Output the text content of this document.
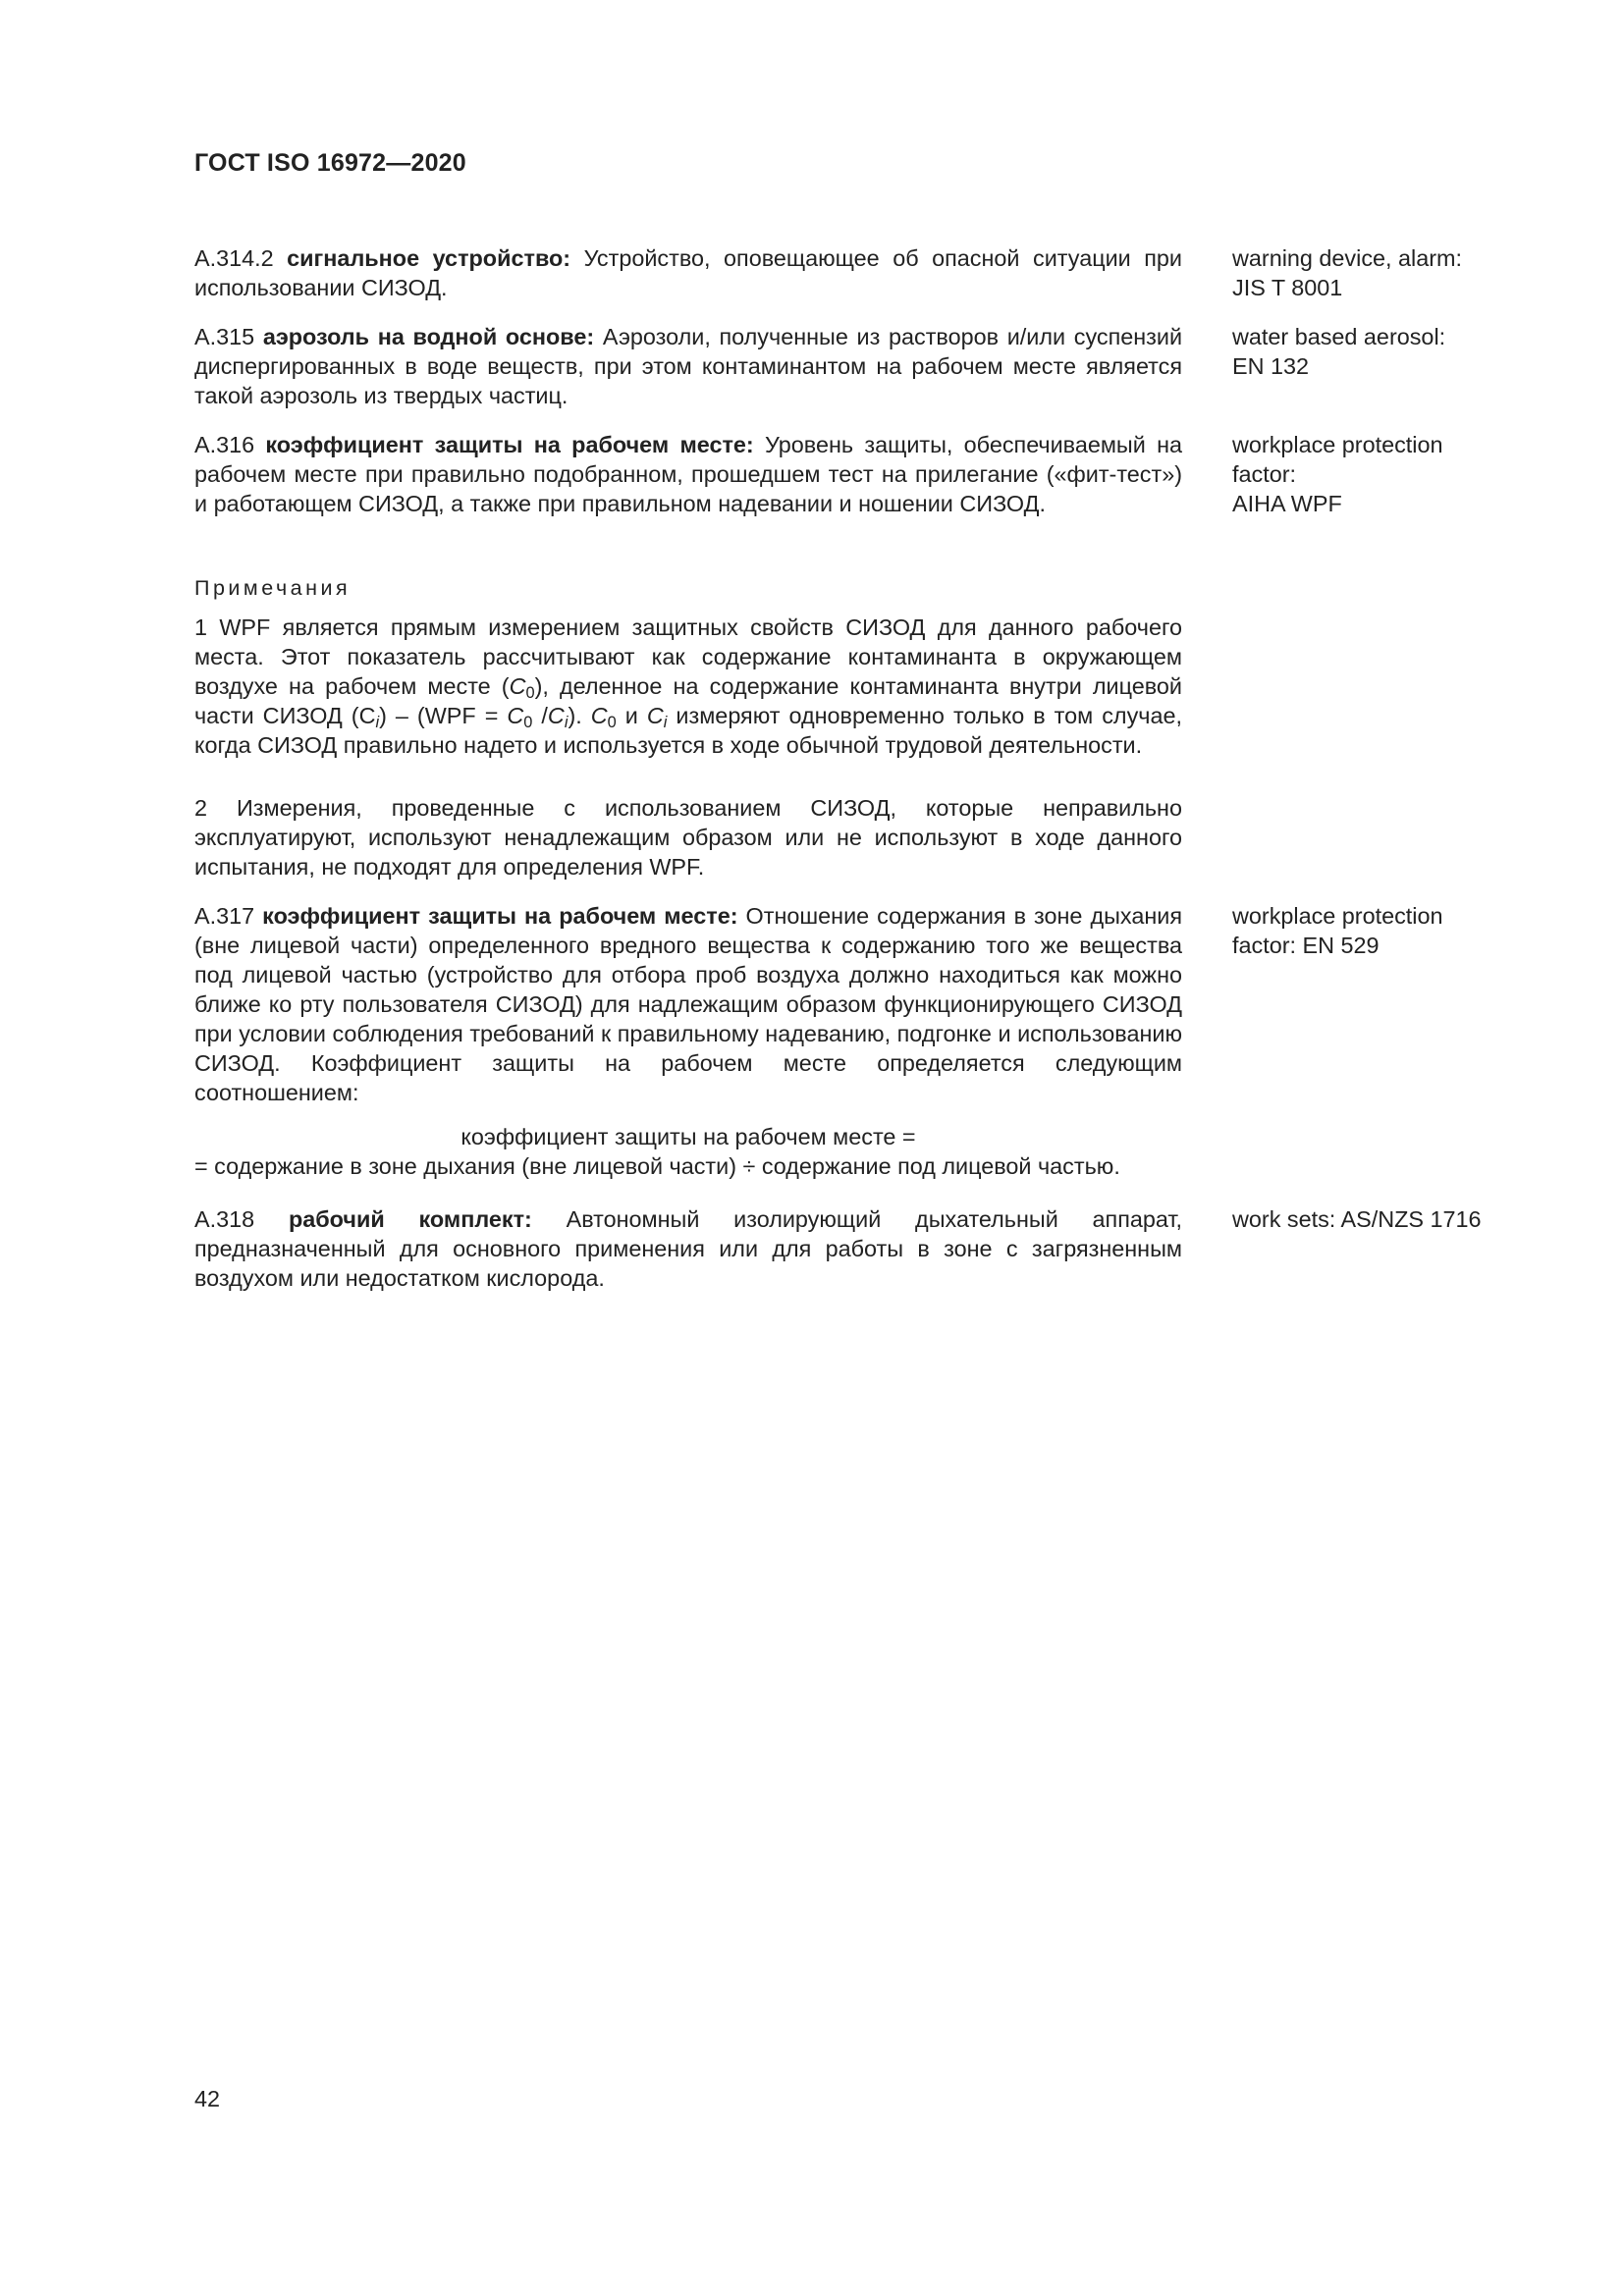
ГОСТ ISO 16972—2020

A.314.2 сигнальное устройство: Устройство, оповещающее об опасной ситуации при использовании СИЗОД.

warning device, alarm:
JIS T 8001

A.315 аэрозоль на водной основе: Аэрозоли, полученные из растворов и/или суспензий диспергированных в воде веществ, при этом контаминантом на рабочем месте является такой аэрозоль из твердых частиц.

water based aerosol:
EN 132

A.316 коэффициент защиты на рабочем месте: Уровень защиты, обеспечиваемый на рабочем месте при правильно подобранном, прошедшем тест на прилегание («фит-тест») и работающем СИЗОД, а также при правильном надевании и ношении СИЗОД.

workplace protection
factor:
AIHA WPF
Примечания

1 WPF является прямым измерением защитных свойств СИЗОД для данного рабочего места. Этот показатель рассчитывают как содержание контаминанта в окружающем воздухе на рабочем месте $(C_0)$, деленное на содержание контаминанта внутри лицевой части СИЗОД $(С_i) - (WPF = C_0$ $/C_i$). $C_0$ и $C_i$ измеряют одновременно только в том случае, когда СИЗОД правильно надето и используется в ходе обычной трудовой деятельности.

2 Измерения, проведенные с использованием СИЗОД, которые неправильно эксплуатируют, используют ненадлежащим образом или не используют в ходе данного испытания, не подходят для определения WPF.

A.317 коэффициент защиты на рабочем месте: Отношение содержания в зоне дыхания (вне лицевой части) определенного вредного вещества к содержанию того же вещества под лицевой частью (устройство для отбора проб воздуха должно находиться как можно ближе ко рту пользователя СИЗОД) для надлежащим образом функционирующего СИЗОД при условии соблюдения требований к правильному надеванию, подгонке и использованию СИЗОД. Коэффициент защиты на рабочем месте определяется следующим соотношением:

workplace protection
factor: EN 529
коэффициент защиты на рабочем месте =
= содержание в зоне дыхания (вне лицевой части) ÷ содержание под лицевой частью.

A.318 рабочий комплект: Автономный изолирующий дыхательный аппарат, предназначенный для основного применения или для работы в зоне с загрязненным воздухом или недостатком кислорода.

work sets: AS/NZS 1716
42
